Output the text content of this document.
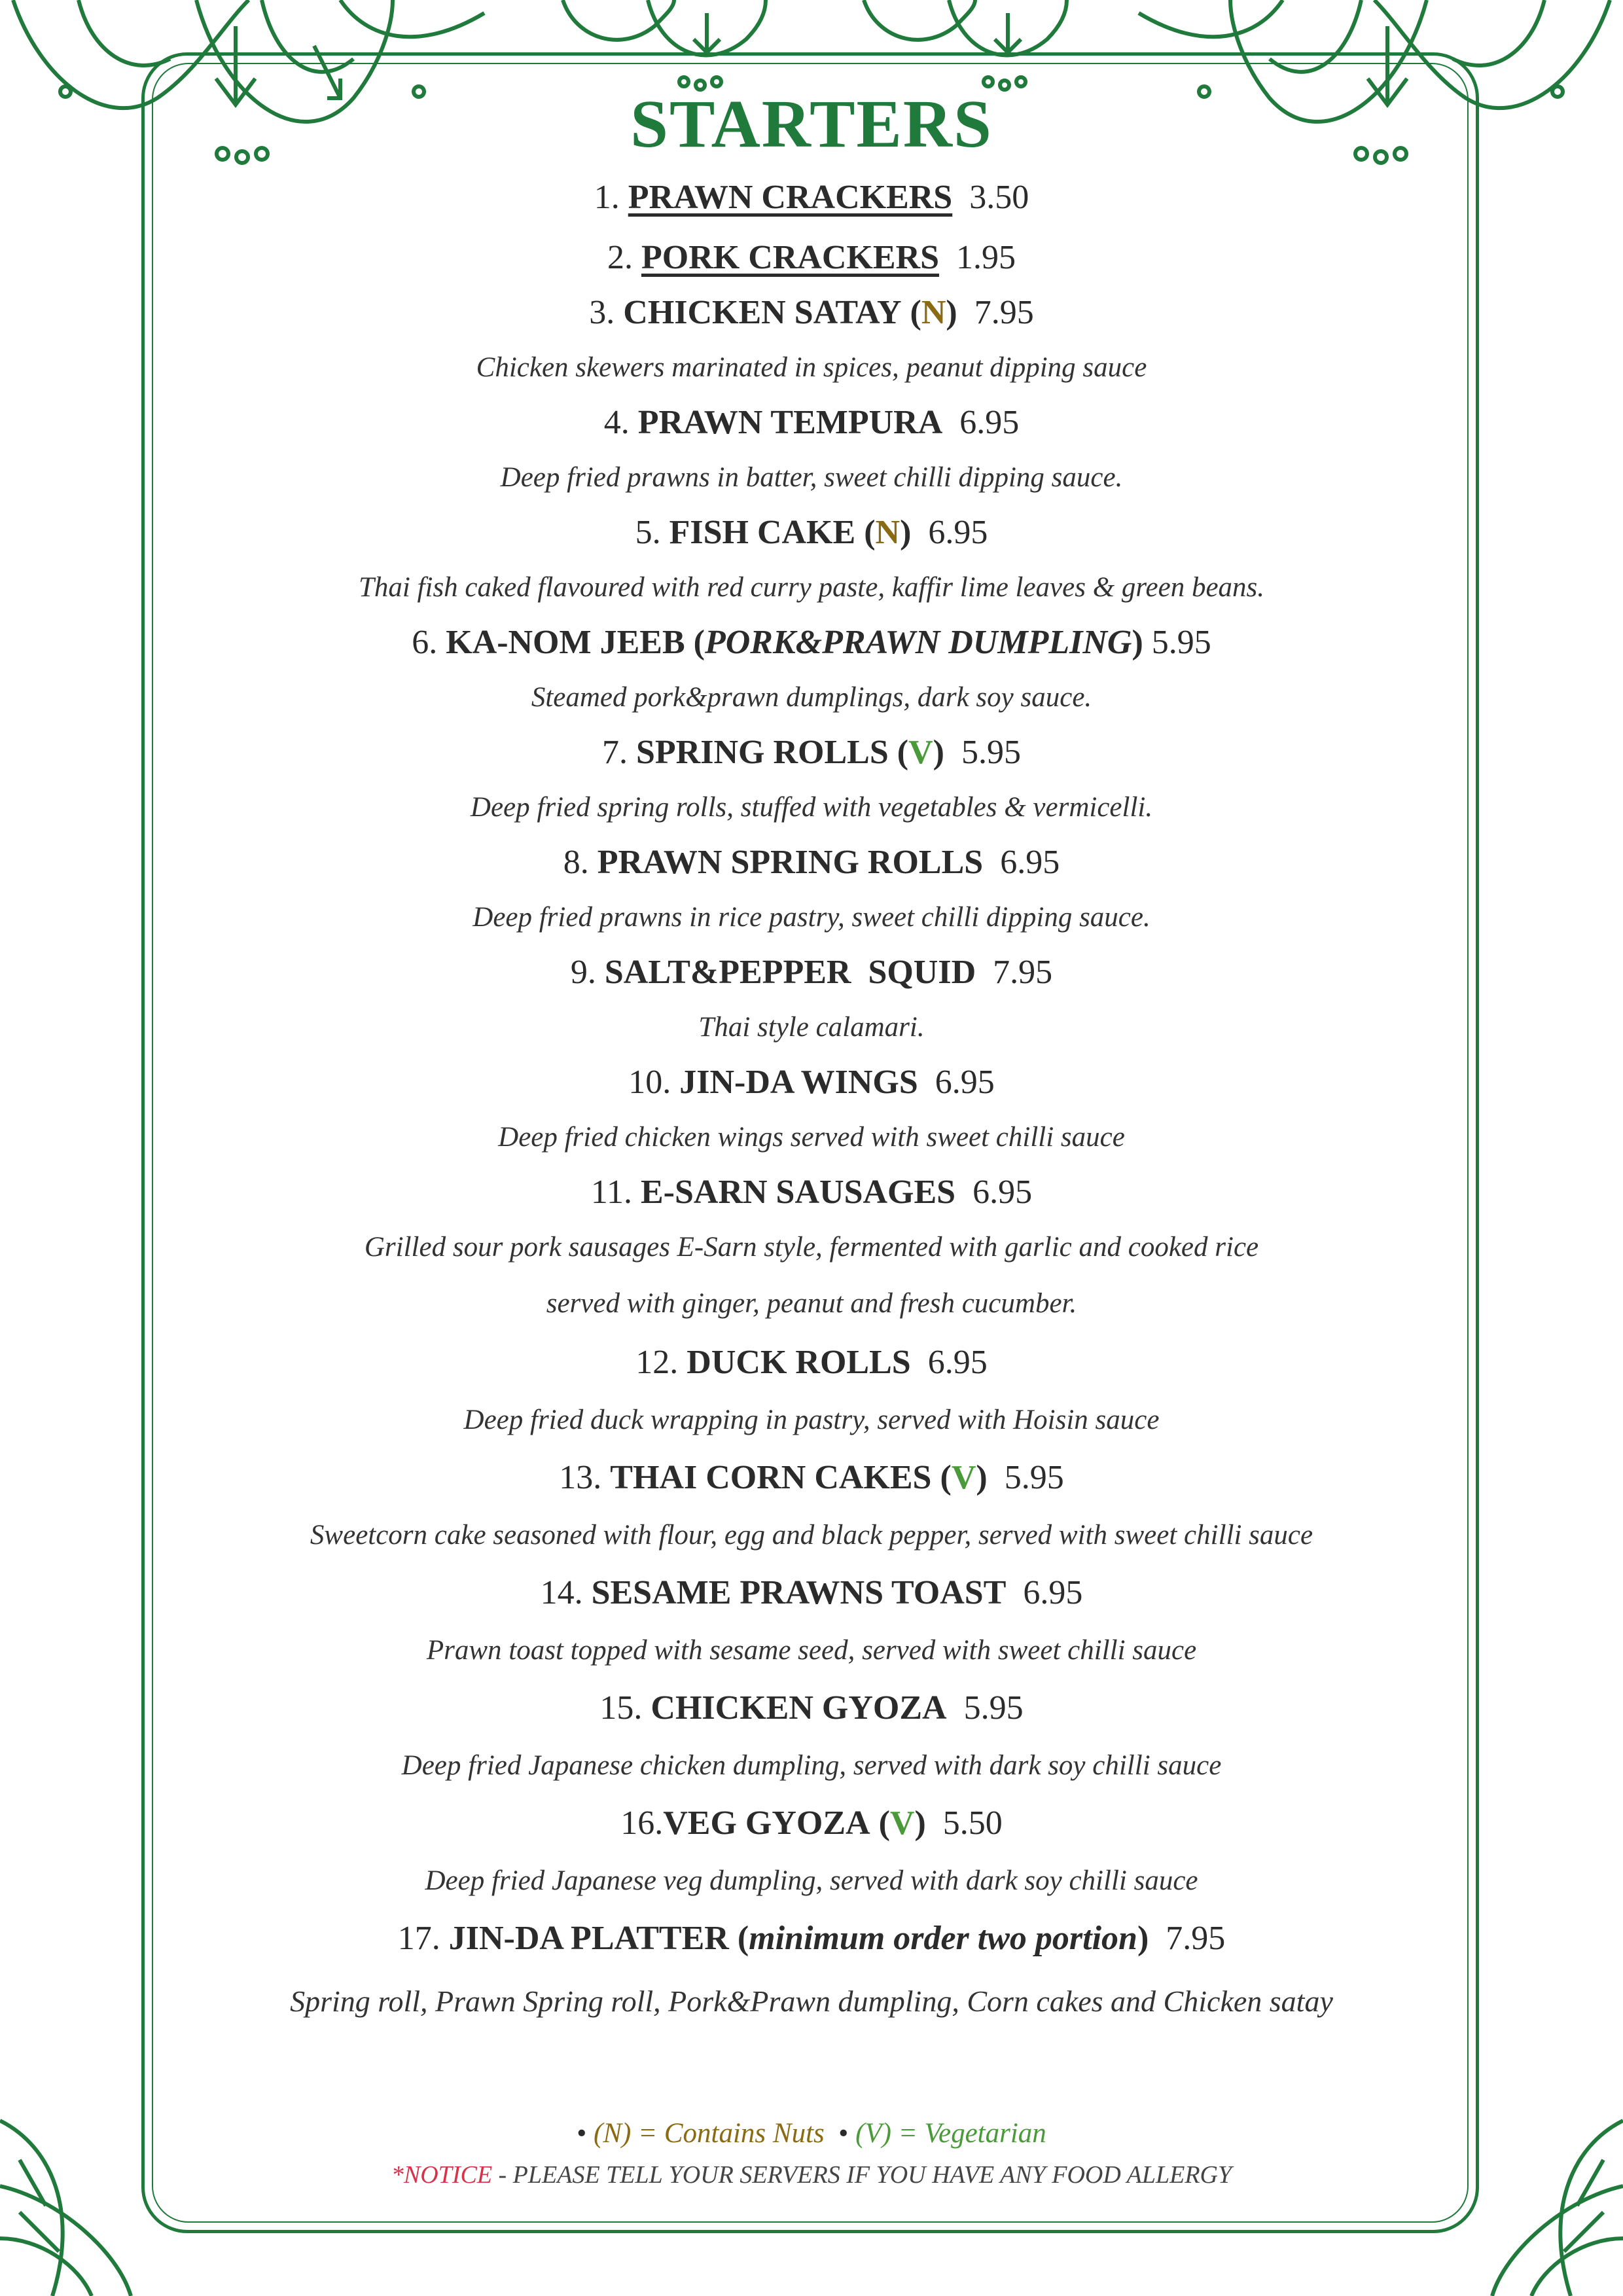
STARTERS

1. PRAWN CRACKERS 3.50

2. PORK CRACKERS 1.95

3. CHICKEN SATAY (N) 7.95

Chicken skewers marinated in spices, peanut dipping sauce

4. PRAWN TEMPURA 6.95

Deep fried prawns in batter, sweet chilli dipping sauce.

5. FISH CAKE (N) 6.95

Thai fish caked flavoured with red curry paste, kaffir lime leaves & green beans.

6. KA-NOM JEEB (PORK&PRAWN DUMPLING) 5.95

Steamed pork&prawn dumplings, dark soy sauce.

7. SPRING ROLLS (V) 5.95

Deep fried spring rolls, stuffed with vegetables & vermicelli.

8. PRAWN SPRING ROLLS 6.95

Deep fried prawns in rice pastry, sweet chilli dipping sauce.

9. SALT&PEPPER  SQUID 7.95

Thai style calamari.

10. JIN-DA WINGS 6.95

Deep fried chicken wings served with sweet chilli sauce

11. E-SARN SAUSAGES 6.95

Grilled sour pork sausages E-Sarn style, fermented with garlic and cooked rice

served with ginger, peanut and fresh cucumber.

12. DUCK ROLLS 6.95

Deep fried duck wrapping in pastry, served with Hoisin sauce

13. THAI CORN CAKES (V) 5.95

Sweetcorn cake seasoned with flour, egg and black pepper, served with sweet chilli sauce

14. SESAME PRAWNS TOAST 6.95

Prawn toast topped with sesame seed, served with sweet chilli sauce

15. CHICKEN GYOZA 5.95

Deep fried Japanese chicken dumpling, served with dark soy chilli sauce

16.VEG GYOZA (V) 5.50

Deep fried Japanese veg dumpling, served with dark soy chilli sauce

17. JIN-DA PLATTER (minimum order two portion) 7.95

Spring roll, Prawn Spring roll, Pork&Prawn dumpling, Corn cakes and Chicken satay

• (N) = Contains Nuts • (V) = Vegetarian
*NOTICE - PLEASE TELL YOUR SERVERS IF YOU HAVE ANY FOOD ALLERGY
